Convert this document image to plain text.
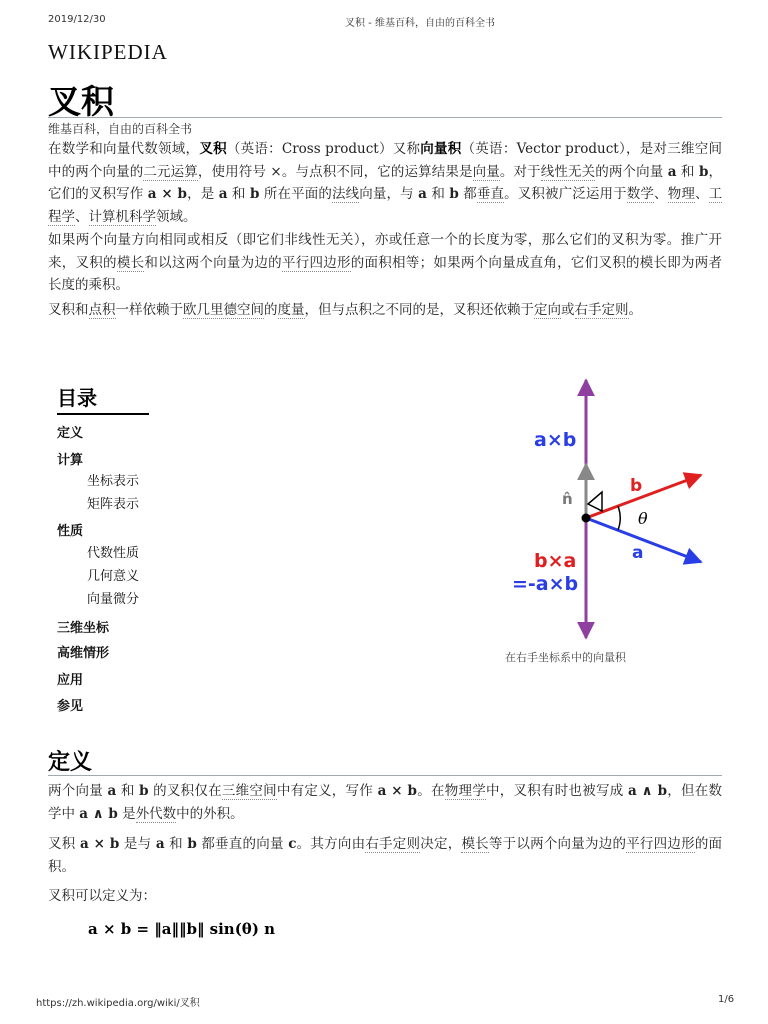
2019/12/30	叉积 - 维基百科，自由的百科全书
WIKIPEDIA
叉积
维基百科，自由的百科全书

在数学和向量代数领域，叉积（英语：Cross product）又称向量积（英语：Vector product），是对三维空间中的两个向量的二元运算，使用符号 ×。与点积不同，它的运算结果是向量。对于线性无关的两个向量 a 和 b，它们的叉积写作 a × b，是 a 和 b 所在平面的法线向量，与 a 和 b 都垂直。叉积被广泛运用于数学、物理、工程学、计算机科学领域。

如果两个向量方向相同或相反（即它们非线性无关），亦或任意一个的长度为零，那么它们的叉积为零。推广开来，叉积的模长和以这两个向量为边的平行四边形的面积相等；如果两个向量成直角，它们叉积的模长即为两者长度的乘积。

叉积和点积一样依赖于欧几里德空间的度量，但与点积之不同的是，叉积还依赖于定向或右手定则。

目录
定义
计算
坐标表示
矩阵表示
性质
代数性质
几何意义
向量微分
三维坐标
高维情形
应用
参见
a×b
n̂
b
θ
a
b×a
=-a×b
在右手坐标系中的向量积
定义

两个向量 a 和 b 的叉积仅在三维空间中有定义，写作 a × b。在物理学中，叉积有时也被写成 a ∧ b，但在数学中 a ∧ b 是外代数中的外积。

叉积 a × b 是与 a 和 b 都垂直的向量 c。其方向由右手定则决定，模长等于以两个向量为边的平行四边形的面积。

叉积可以定义为：

a × b = ‖a‖‖b‖ sin(θ) n
https://zh.wikipedia.org/wiki/叉积	1/6
